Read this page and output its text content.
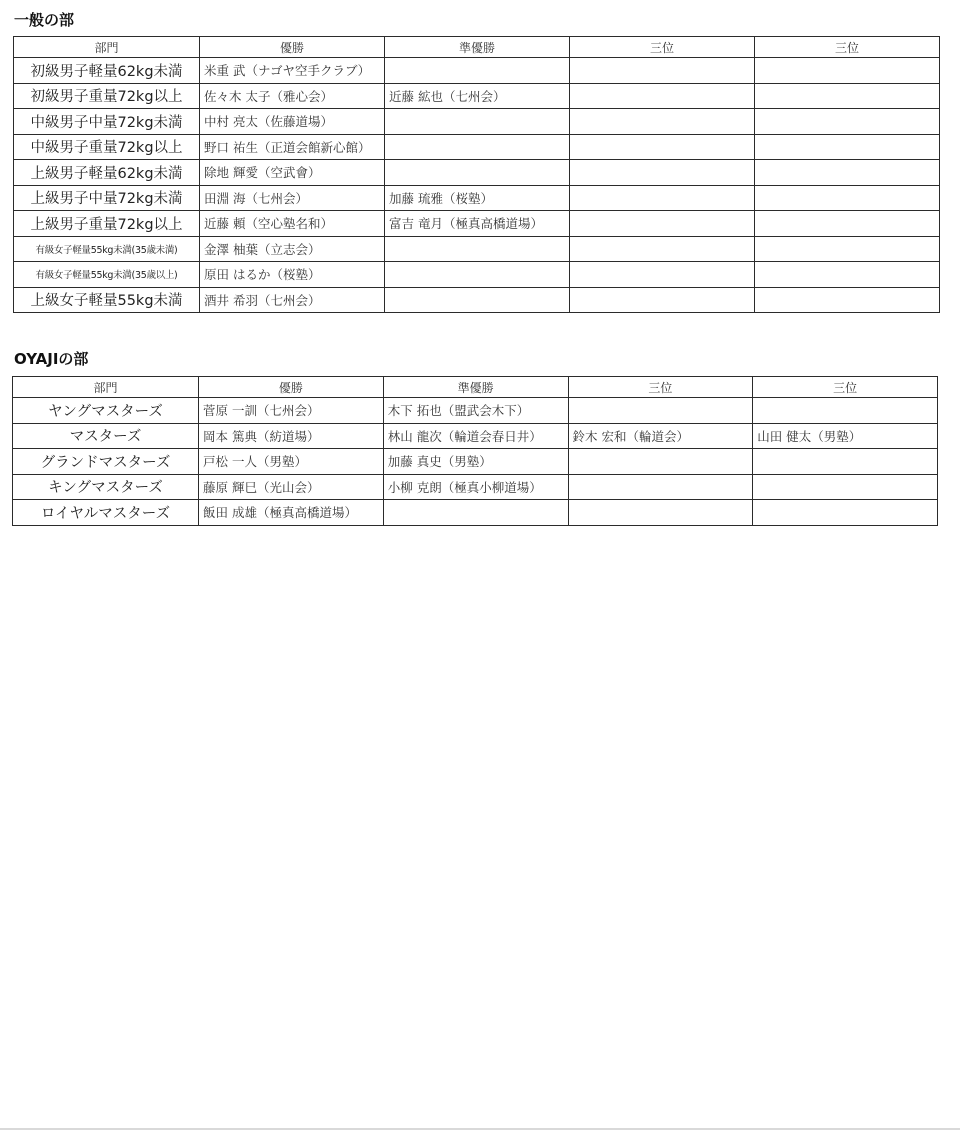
一般の部
部門	優勝	準優勝	三位	三位
初級男子軽量62kg未満	米重 武（ナゴヤ空手クラブ）			
初級男子重量72kg以上	佐々木 太子（雅心会）	近藤 絋也（七州会）		
中級男子中量72kg未満	中村 亮太（佐藤道場）			
中級男子重量72kg以上	野口 祐生（正道会館新心館）			
上級男子軽量62kg未満	除地 輝愛（空武會）			
上級男子中量72kg未満	田淵 海（七州会）	加藤 琉雅（桜塾）		
上級男子重量72kg以上	近藤 頼（空心塾名和）	富吉 竜月（極真高橋道場）		
有級女子軽量55kg未満(35歳未満)	金澤 柚葉（立志会）			
有級女子軽量55kg未満(35歳以上)	原田 はるか（桜塾）			
上級女子軽量55kg未満	酒井 希羽（七州会）			
OYAJIの部
部門	優勝	準優勝	三位	三位
ヤングマスターズ	菅原 一訓（七州会）	木下 拓也（盟武会木下）		
マスターズ	岡本 篤典（紡道場）	林山 龍次（輪道会春日井）	鈴木 宏和（輪道会）	山田 健太（男塾）
グランドマスターズ	戸松 一人（男塾）	加藤 真史（男塾）		
キングマスターズ	藤原 輝巳（光山会）	小柳 克朗（極真小柳道場）		
ロイヤルマスターズ	飯田 成雄（極真高橋道場）			
